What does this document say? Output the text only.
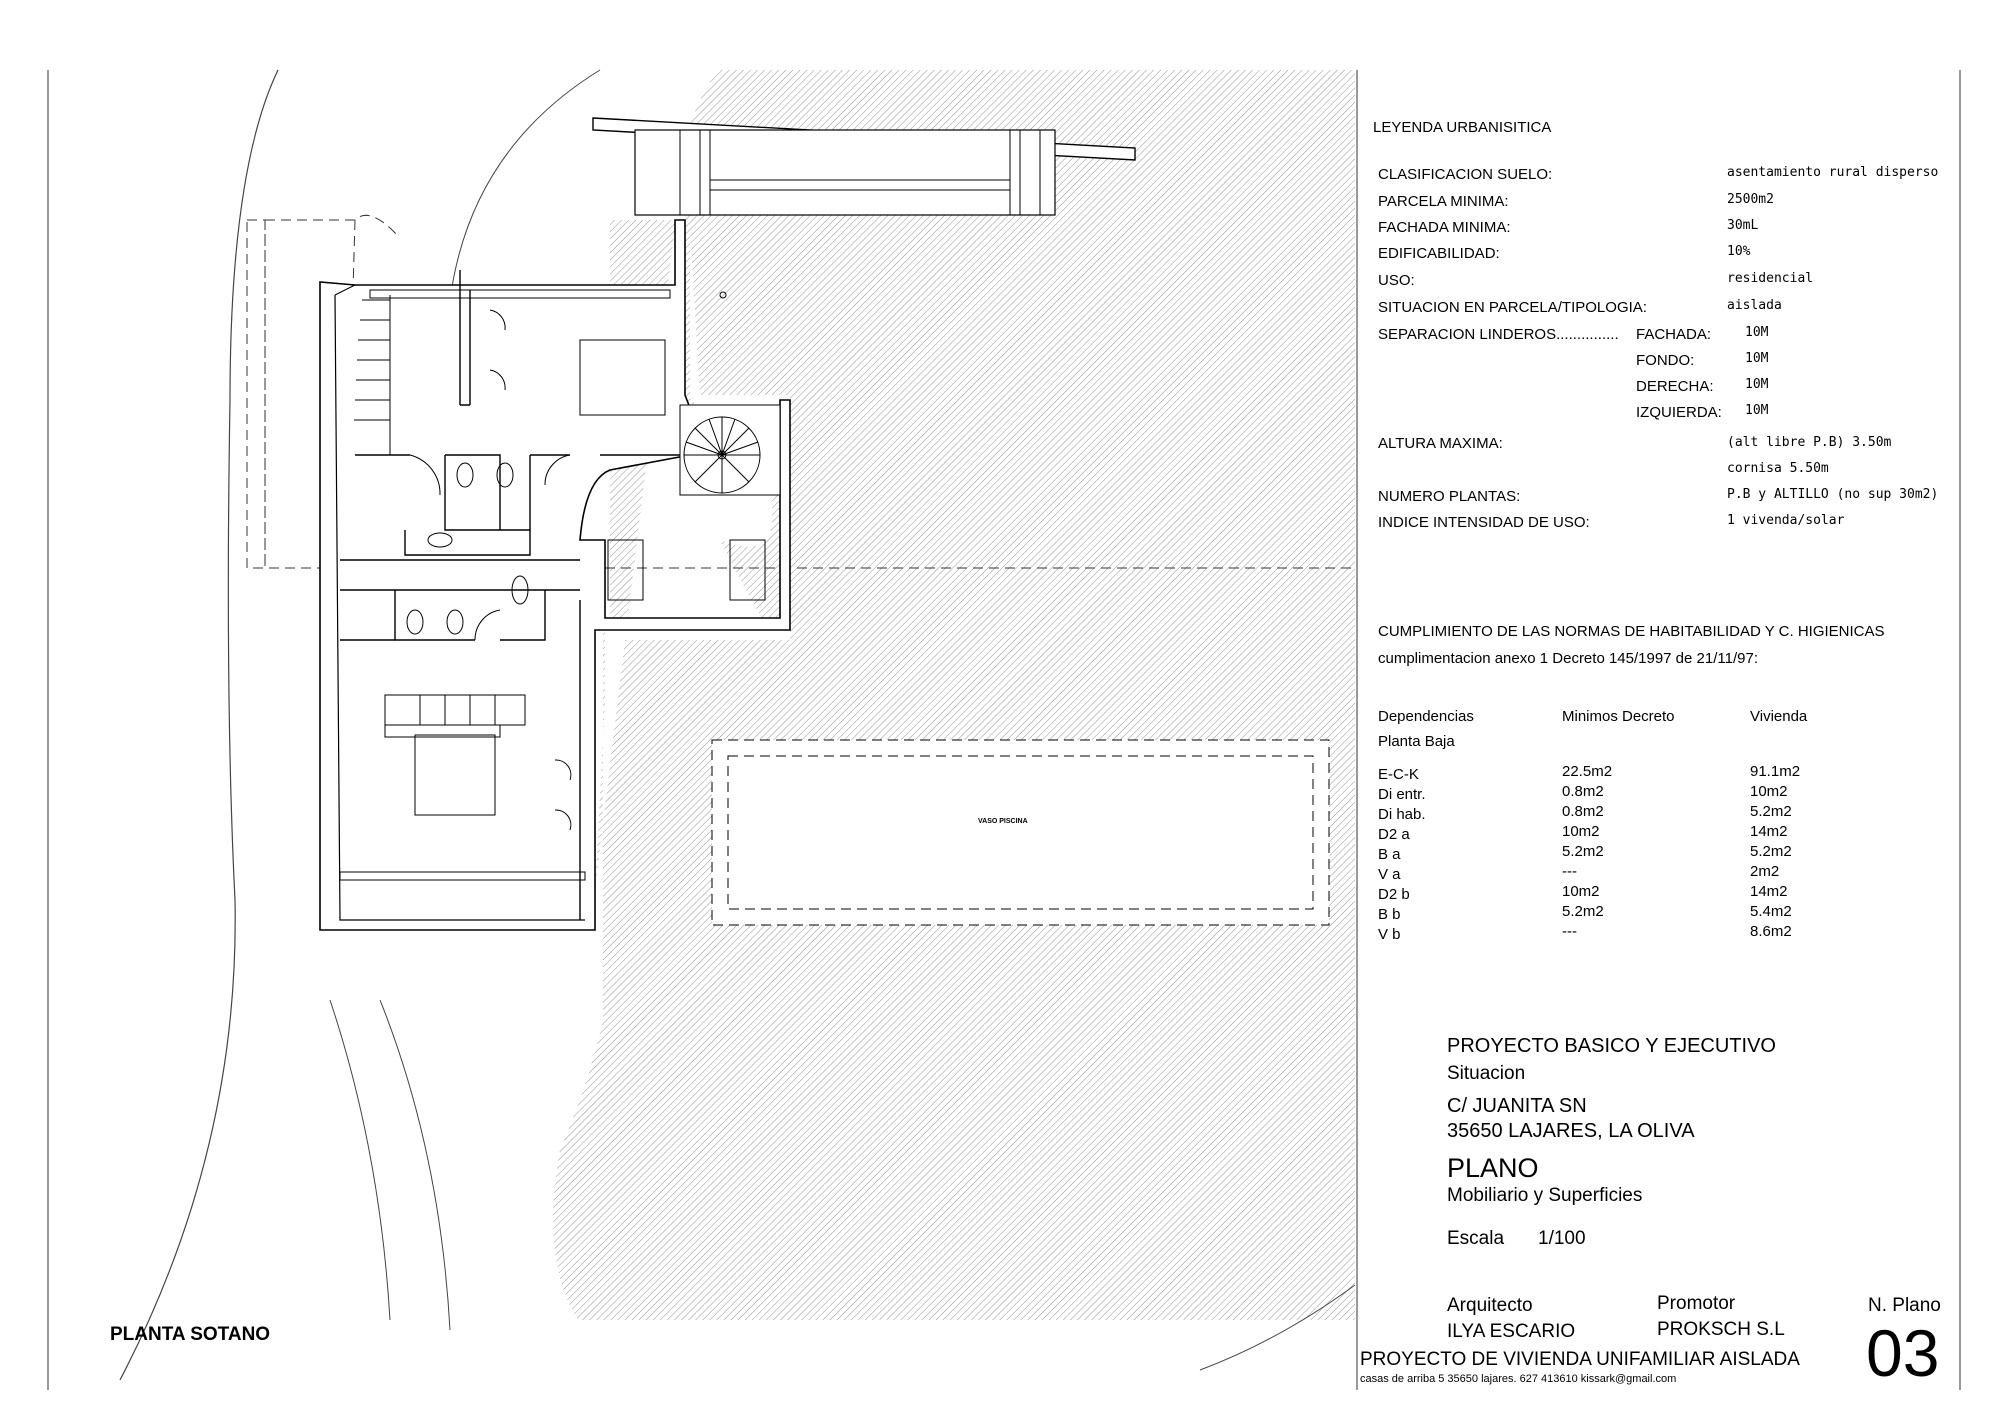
VASO PISCINA
PLANTA SOTANO
LEYENDA URBANISITICA
CLASIFICACION SUELO:	asentamiento rural disperso
PARCELA MINIMA:	2500m2
FACHADA MINIMA:	30mL
EDIFICABILIDAD:	10%
USO:	residencial
SITUACION EN PARCELA/TIPOLOGIA:	aislada
SEPARACION LINDEROS............... FACHADA:	10M
FONDO:	10M
DERECHA: 10M
IZQUIERDA: 10M
ALTURA MAXIMA:	(alt libre P.B) 3.50m
cornisa 5.50m
NUMERO PLANTAS:	P.B y ALTILLO (no sup 30m2)
INDICE INTENSIDAD DE USO:	1 vivenda/solar
CUMPLIMIENTO DE LAS NORMAS DE HABITABILIDAD Y C. HIGIENICAS
cumplimentacion anexo 1 Decreto 145/1997 de 21/11/97:
Dependencias	Minimos Decreto	Vivienda
Planta Baja
E-C-K	22.5m2	91.1m2
Di entr.	0.8m2	10m2
Di hab.	0.8m2	5.2m2
D2 a	10m2	14m2
B a	5.2m2	5.2m2
V a	---	2m2
D2 b	10m2	14m2
B b	5.2m2	5.4m2
V b	---	8.6m2
PROYECTO BASICO Y EJECUTIVO
Situacion
C/ JUANITA SN
35650 LAJARES, LA OLIVA
PLANO
Mobiliario y Superficies
Escala 1/100
Arquitecto
ILYA ESCARIO
Promotor
PROKSCH S.L
N. Plano
03
PROYECTO DE VIVIENDA UNIFAMILIAR AISLADA
casas de arriba 5 35650 lajares. 627 413610 kissark@gmail.com
